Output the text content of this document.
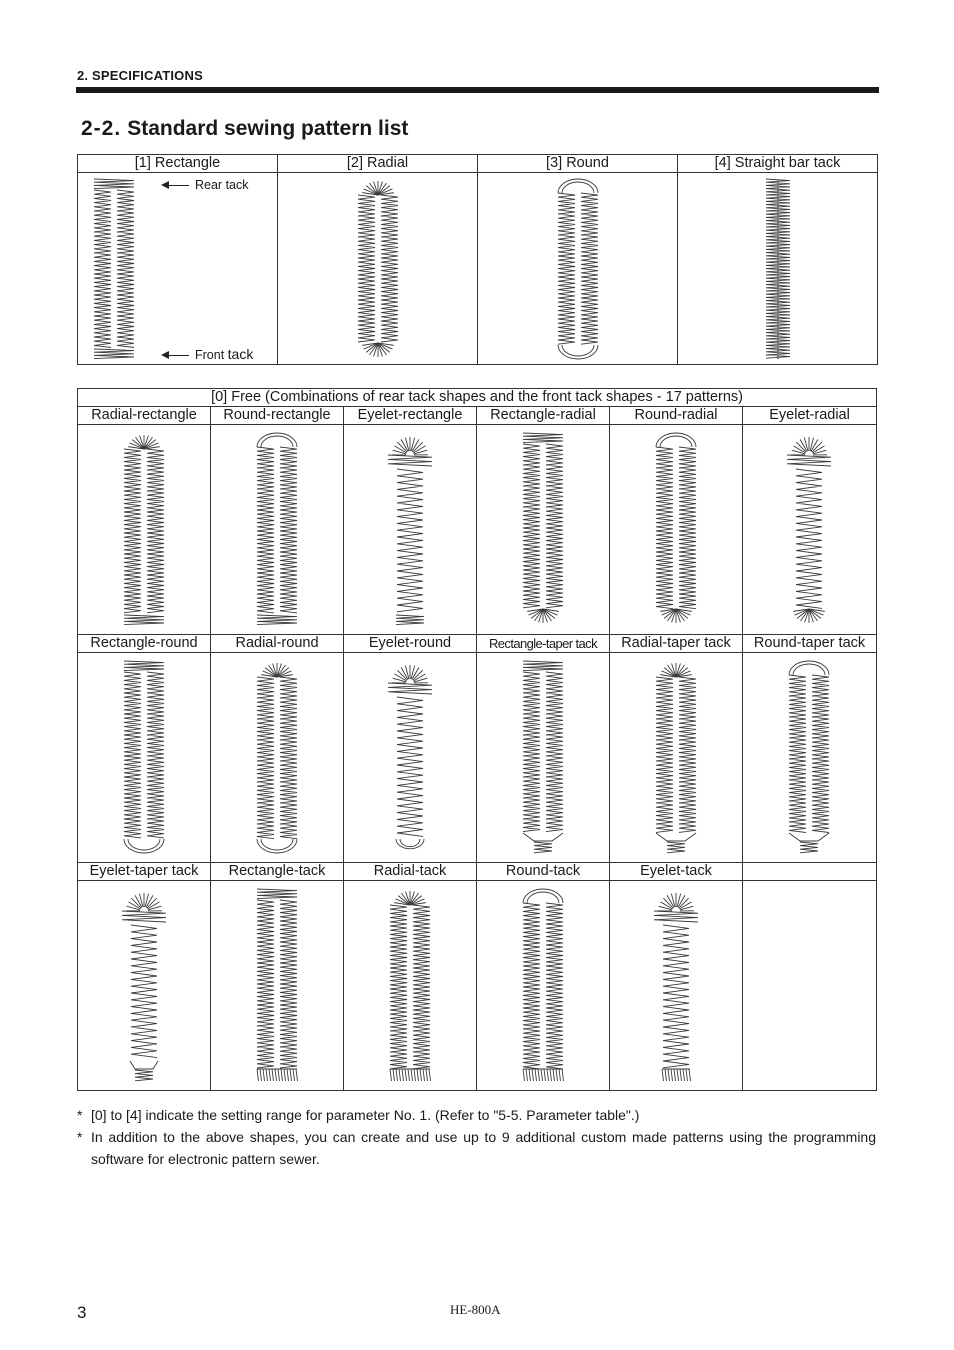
2. SPECIFICATIONS
2-2. Standard sewing pattern list
[1] Rectangle	[2] Radial	[3] Round	[4] Straight bar tack

Rear tack
Front tack
[0] Free (Combinations of rear tack shapes and the front tack shapes - 17 patterns)					
Radial-rectangle	Round-rectangle	Eyelet-rectangle	Rectangle-radial	Round-radial	Eyelet-radial

Rectangle-round	Radial-round	Eyelet-round	Rectangle-taper tack	Radial-taper tack	Round-taper tack

Eyelet-taper tack	Rectangle-tack	Radial-tack	Round-tack	Eyelet-tack	

* [0] to [4] indicate the setting range for parameter No. 1. (Refer to "5-5. Parameter table".)
* In addition to the above shapes, you can create and use up to 9 additional custom made patterns using the programming software for electronic pattern sewer.
3	HE-800A
